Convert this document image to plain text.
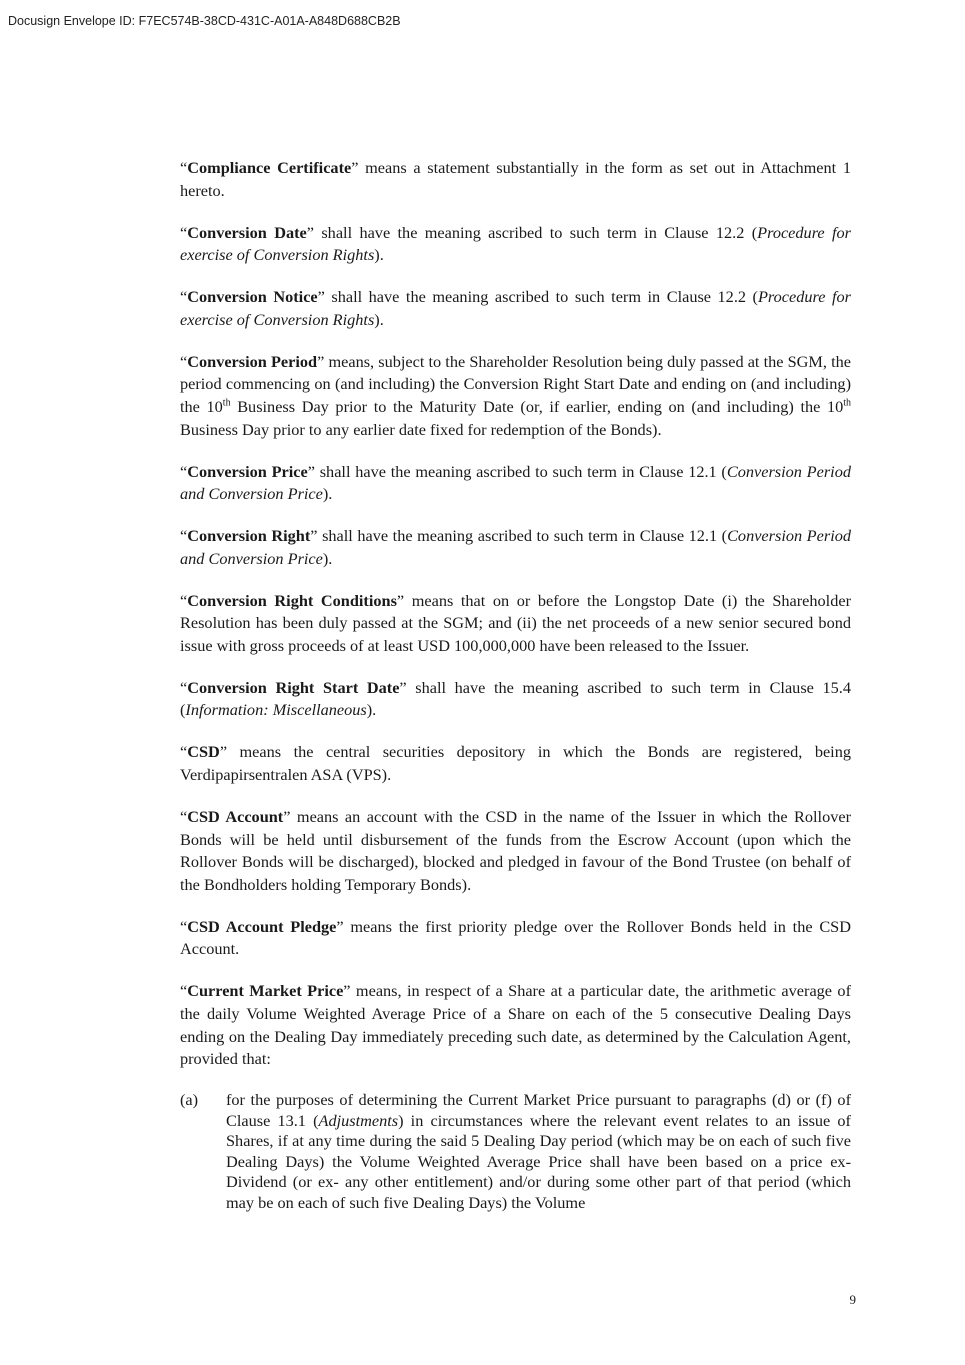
Docusign Envelope ID: F7EC574B-38CD-431C-A01A-A848D688CB2B

“Compliance Certificate” means a statement substantially in the form as set out in Attachment 1 hereto.

“Conversion Date” shall have the meaning ascribed to such term in Clause 12.2 (Procedure for exercise of Conversion Rights).

“Conversion Notice” shall have the meaning ascribed to such term in Clause 12.2 (Procedure for exercise of Conversion Rights).

“Conversion Period” means, subject to the Shareholder Resolution being duly passed at the SGM, the period commencing on (and including) the Conversion Right Start Date and ending on (and including) the 10th Business Day prior to the Maturity Date (or, if earlier, ending on (and including) the 10th Business Day prior to any earlier date fixed for redemption of the Bonds).

“Conversion Price” shall have the meaning ascribed to such term in Clause 12.1 (Conversion Period and Conversion Price).

“Conversion Right” shall have the meaning ascribed to such term in Clause 12.1 (Conversion Period and Conversion Price).

“Conversion Right Conditions” means that on or before the Longstop Date (i) the Shareholder Resolution has been duly passed at the SGM; and (ii) the net proceeds of a new senior secured bond issue with gross proceeds of at least USD 100,000,000 have been released to the Issuer.

“Conversion Right Start Date” shall have the meaning ascribed to such term in Clause 15.4 (Information: Miscellaneous).

“CSD” means the central securities depository in which the Bonds are registered, being Verdipapirsentralen ASA (VPS).

“CSD Account” means an account with the CSD in the name of the Issuer in which the Rollover Bonds will be held until disbursement of the funds from the Escrow Account (upon which the Rollover Bonds will be discharged), blocked and pledged in favour of the Bond Trustee (on behalf of the Bondholders holding Temporary Bonds).

“CSD Account Pledge” means the first priority pledge over the Rollover Bonds held in the CSD Account.

“Current Market Price” means, in respect of a Share at a particular date, the arithmetic average of the daily Volume Weighted Average Price of a Share on each of the 5 consecutive Dealing Days ending on the Dealing Day immediately preceding such date, as determined by the Calculation Agent, provided that:

(a)	for the purposes of determining the Current Market Price pursuant to paragraphs (d) or (f) of Clause 13.1 (Adjustments) in circumstances where the relevant event relates to an issue of Shares, if at any time during the said 5 Dealing Day period (which may be on each of such five Dealing Days) the Volume Weighted Average Price shall have been based on a price ex-Dividend (or ex- any other entitlement) and/or during some other part of that period (which may be on each of such five Dealing Days) the Volume
9
